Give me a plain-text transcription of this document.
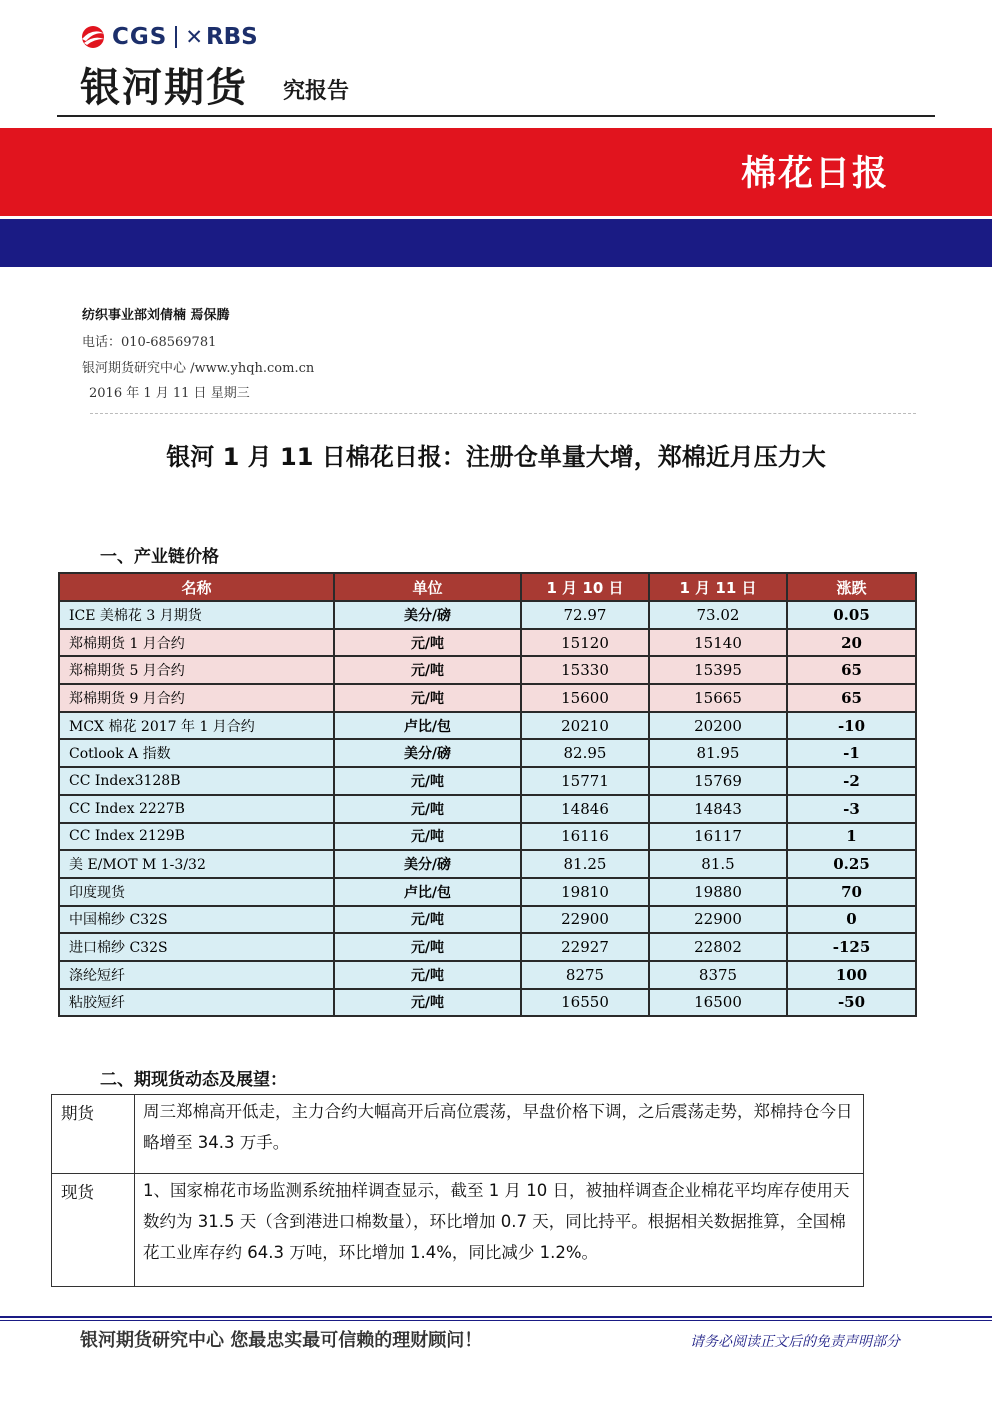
CGS ✕ RBS
银河期货 究报告
棉花日报
纺织事业部刘倩楠 焉保腾
电话：010-68569781
银河期货研究中心 /www.yhqh.com.cn
2016 年 1 月 11 日 星期三
银河 1 月 11 日棉花日报：注册仓单量大增，郑棉近月压力大
一、产业链价格
名称	单位	1 月 10 日	1 月 11 日	涨跌
ICE 美棉花 3 月期货	美分/磅	72.97	73.02	0.05
郑棉期货 1 月合约	元/吨	15120	15140	20
郑棉期货 5 月合约	元/吨	15330	15395	65
郑棉期货 9 月合约	元/吨	15600	15665	65
MCX 棉花 2017 年 1 月合约	卢比/包	20210	20200	-10
Cotlook A 指数	美分/磅	82.95	81.95	-1
CC Index3128B	元/吨	15771	15769	-2
CC Index 2227B	元/吨	14846	14843	-3
CC Index 2129B	元/吨	16116	16117	1
美 E/MOT M 1-3/32	美分/磅	81.25	81.5	0.25
印度现货	卢比/包	19810	19880	70
中国棉纱 C32S	元/吨	22900	22900	0
进口棉纱 C32S	元/吨	22927	22802	-125
涤纶短纤	元/吨	8275	8375	100
粘胶短纤	元/吨	16550	16500	-50
二、期现货动态及展望：
期货	周三郑棉高开低走，主力合约大幅高开后高位震荡，早盘价格下调，之后震荡走势，郑棉持仓今日略增至 34.3 万手。
现货	1、国家棉花市场监测系统抽样调查显示，截至 1 月 10 日，被抽样调查企业棉花平均库存使用天数约为 31.5 天（含到港进口棉数量），环比增加 0.7 天，同比持平。根据相关数据推算，全国棉花工业库存约 64.3 万吨，环比增加 1.4%，同比减少 1.2%。
银河期货研究中心 您最忠实最可信赖的理财顾问！	请务必阅读正文后的免责声明部分
